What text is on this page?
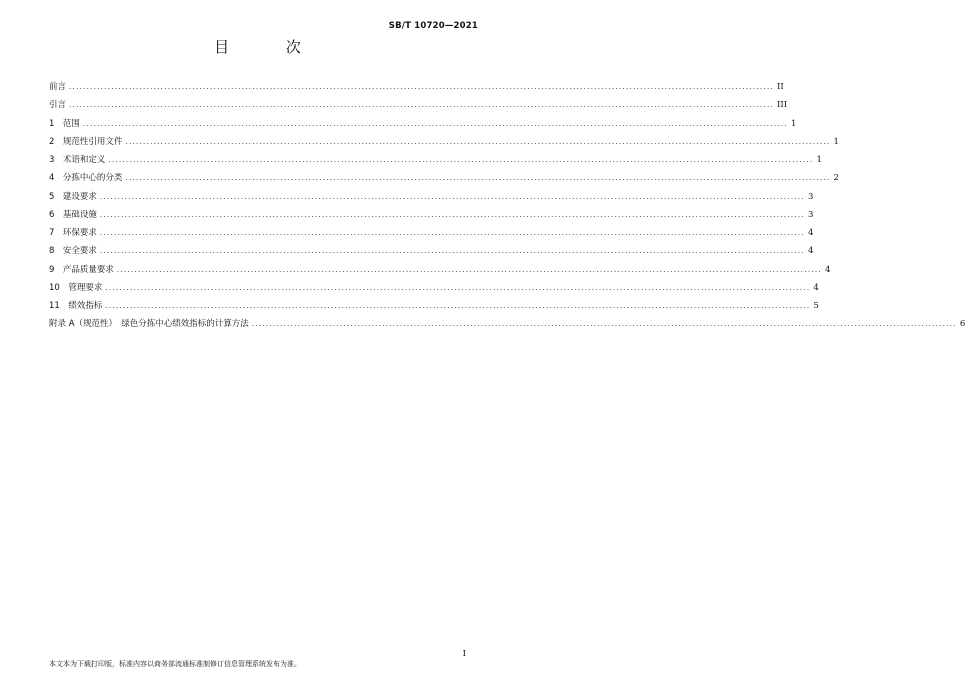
SB/T 10720—2021
目 次
前言 ........................................................................................................................................................................................................ II
引言 ........................................................................................................................................................................................................ III
1　范围 ........................................................................................................................................................................................................ 1
2　规范性引用文件 ........................................................................................................................................................................................................ 1
3　术语和定义 ........................................................................................................................................................................................................ 1
4　分拣中心的分类 ........................................................................................................................................................................................................ 2
5　建设要求 ........................................................................................................................................................................................................ 3
6　基础设施 ........................................................................................................................................................................................................ 3
7　环保要求 ........................................................................................................................................................................................................ 4
8　安全要求 ........................................................................................................................................................................................................ 4
9　产品质量要求 ........................................................................................................................................................................................................ 4
10　管理要求 ........................................................................................................................................................................................................ 4
11　绩效指标 ........................................................................................................................................................................................................ 5
附录 A（规范性）　绿色分拣中心绩效指标的计算方法 ........................................................................................................................................................................................................ 6
I
本文本为下载打印版，标准内容以商务部流通标准制修订信息管理系统发布为准。
